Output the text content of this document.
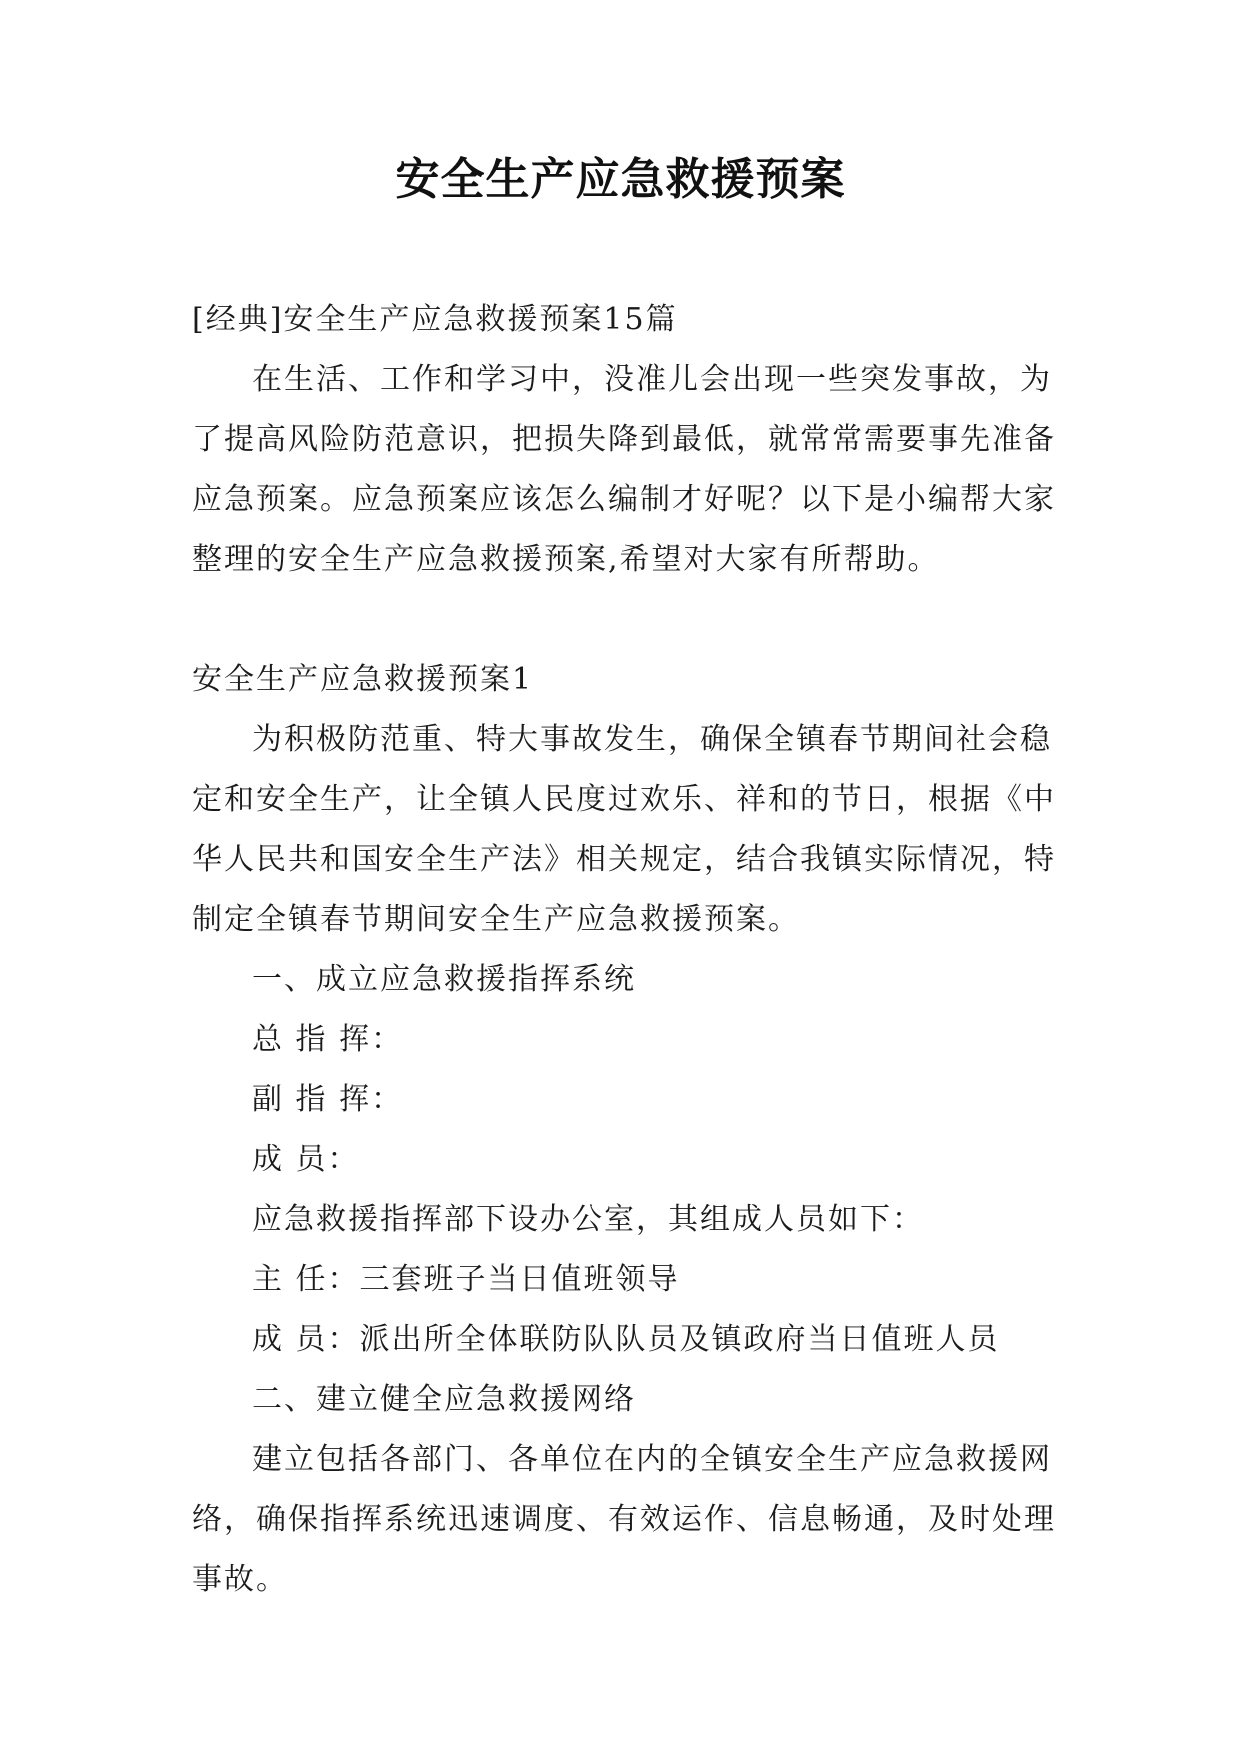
安全生产应急救援预案

[经典]安全生产应急救援预案15篇

在生活、工作和学习中，没准儿会出现一些突发事故，为了提高风险防范意识，把损失降到最低，就常常需要事先准备应急预案。应急预案应该怎么编制才好呢？以下是小编帮大家整理的安全生产应急救援预案,希望对大家有所帮助。

安全生产应急救援预案1

为积极防范重、特大事故发生，确保全镇春节期间社会稳定和安全生产，让全镇人民度过欢乐、祥和的节日，根据《中华人民共和国安全生产法》相关规定，结合我镇实际情况，特制定全镇春节期间安全生产应急救援预案。

一、成立应急救援指挥系统

总 指 挥：

副 指 挥：

成 员：

应急救援指挥部下设办公室，其组成人员如下：

主 任：三套班子当日值班领导

成 员：派出所全体联防队队员及镇政府当日值班人员

二、建立健全应急救援网络

建立包括各部门、各单位在内的全镇安全生产应急救援网络，确保指挥系统迅速调度、有效运作、信息畅通，及时处理事故。
